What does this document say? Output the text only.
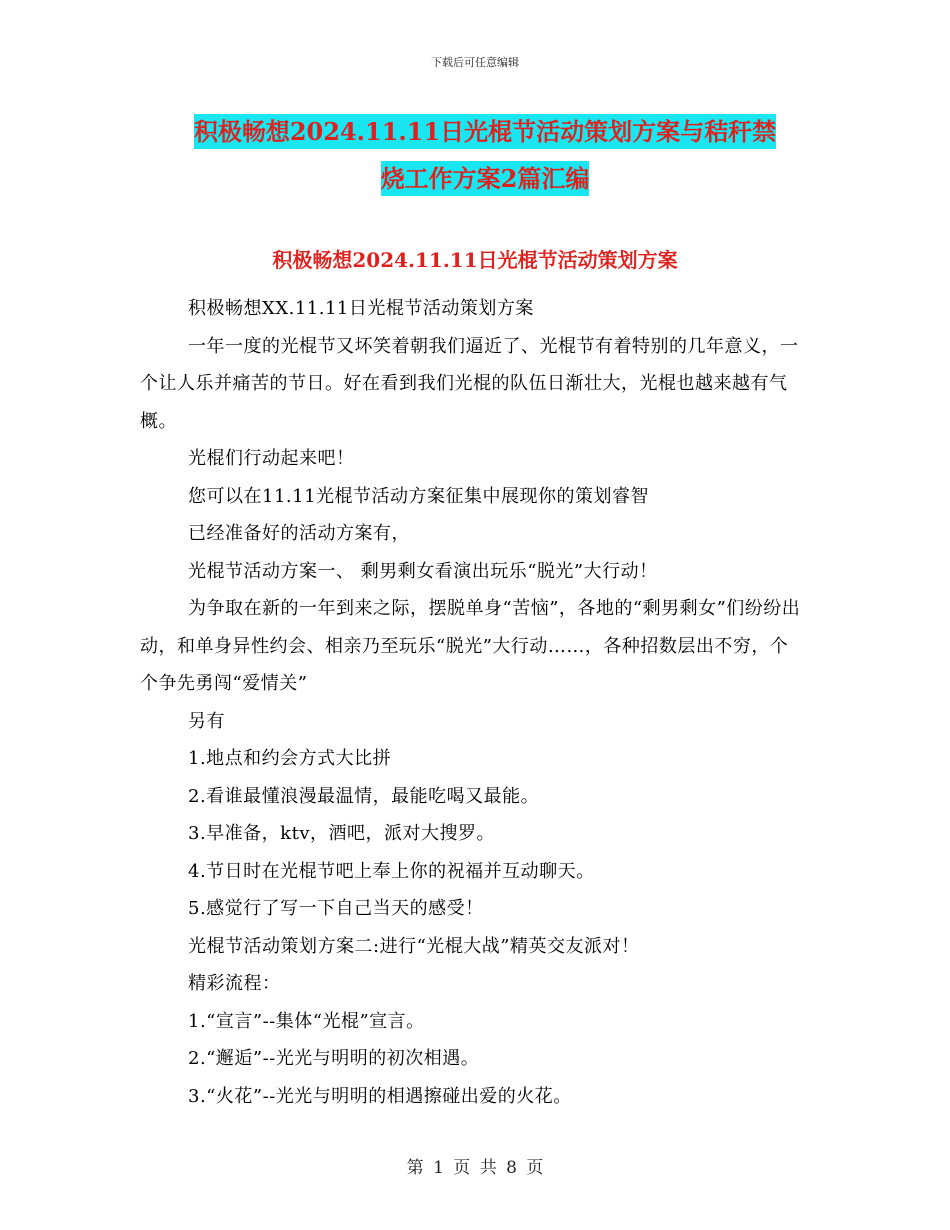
下载后可任意编辑
积极畅想2024.11.11日光棍节活动策划方案与秸秆禁
烧工作方案2篇汇编
积极畅想2024.11.11日光棍节活动策划方案

积极畅想XX.11.11日光棍节活动策划方案

一年一度的光棍节又坏笑着朝我们逼近了、光棍节有着特别的几年意义，一个让人乐并痛苦的节日。好在看到我们光棍的队伍日渐壮大，光棍也越来越有气概。

光棍们行动起来吧！

您可以在11.11光棍节活动方案征集中展现你的策划睿智

已经准备好的活动方案有，

光棍节活动方案一、 剩男剩女看演出玩乐“脱光”大行动！

为争取在新的一年到来之际，摆脱单身“苦恼”，各地的“剩男剩女”们纷纷出动，和单身异性约会、相亲乃至玩乐“脱光”大行动……，各种招数层出不穷，个个争先勇闯“爱情关”

另有

1.地点和约会方式大比拼

2.看谁最懂浪漫最温情，最能吃喝又最能。

3.早准备，ktv，酒吧，派对大搜罗。

4.节日时在光棍节吧上奉上你的祝福并互动聊天。

5.感觉行了写一下自己当天的感受！

光棍节活动策划方案二:进行“光棍大战”精英交友派对！

精彩流程：

1.“宣言”--集体“光棍”宣言。

2.“邂逅”--光光与明明的初次相遇。

3.“火花”--光光与明明的相遇擦碰出爱的火花。

第 1 页 共 8 页
